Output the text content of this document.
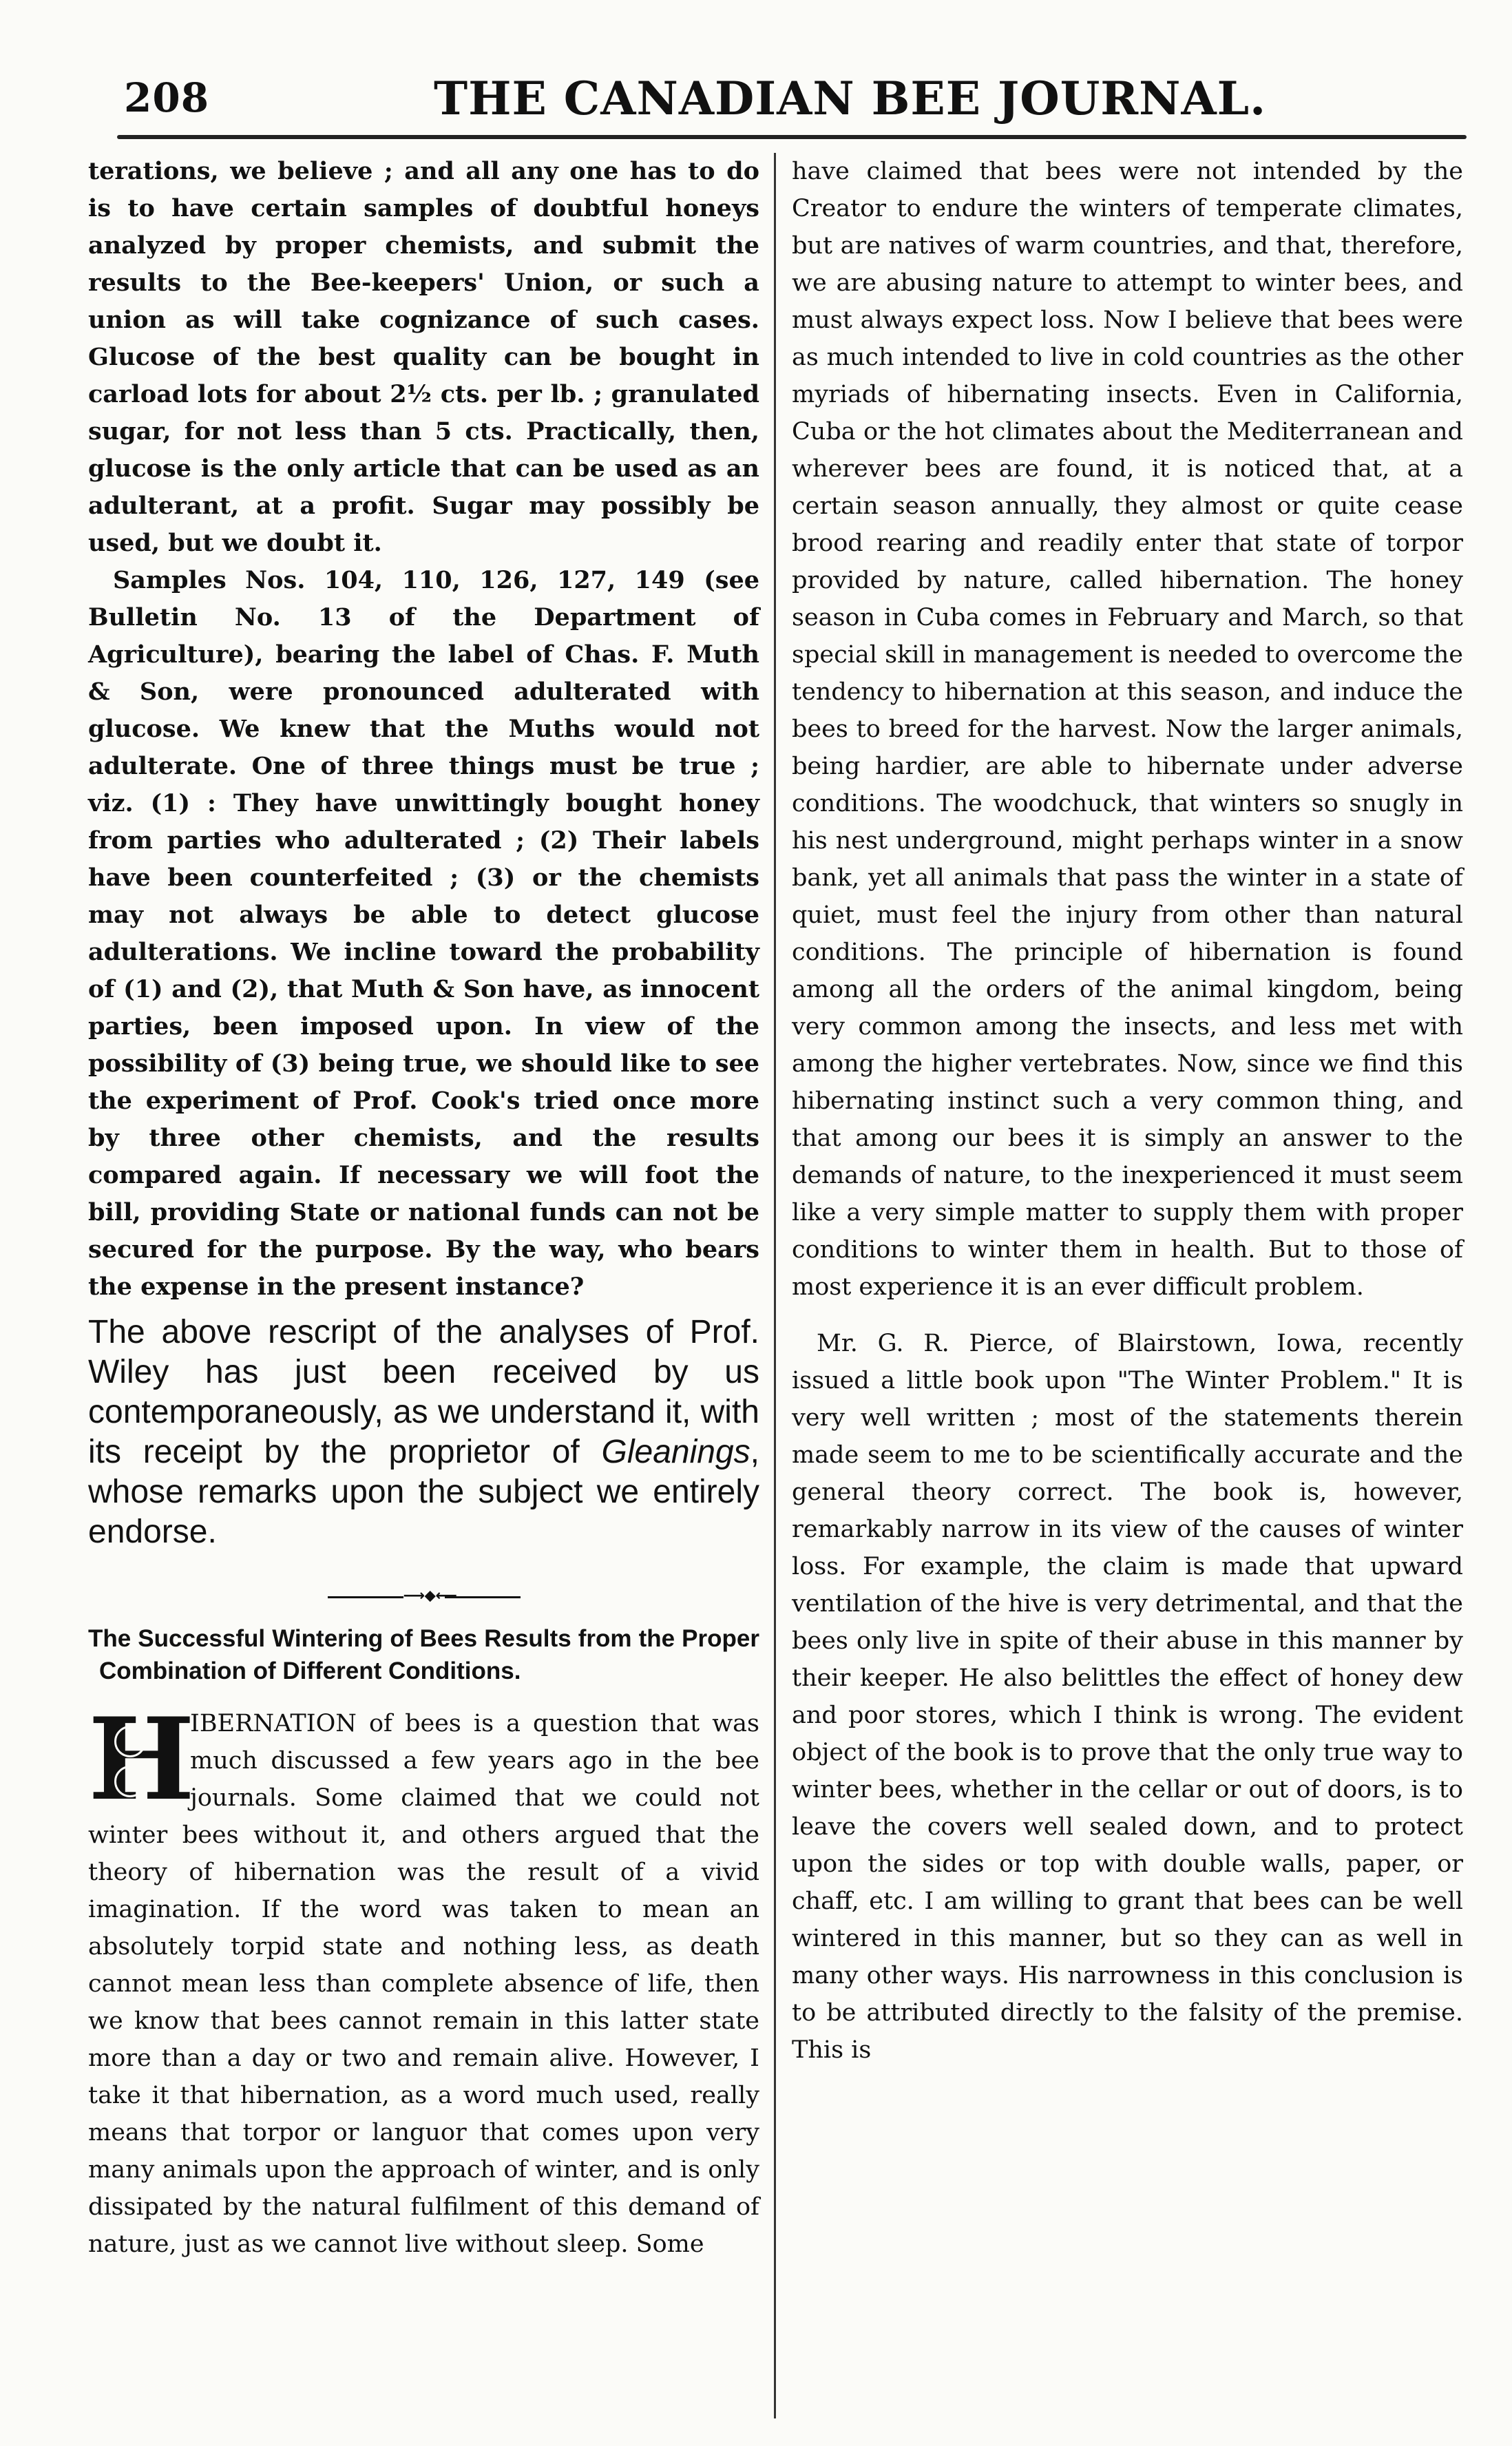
208	THE CANADIAN BEE JOURNAL.

terations, we believe ; and all any one has to do is to have certain samples of doubtful honeys analyzed by proper chemists, and submit the results to the Bee-keepers' Union, or such a union as will take cognizance of such cases. Glucose of the best quality can be bought in carload lots for about 2½ cts. per lb. ; granulated sugar, for not less than 5 cts. Practically, then, glucose is the only article that can be used as an adulterant, at a profit. Sugar may possibly be used, but we doubt it.

Samples Nos. 104, 110, 126, 127, 149 (see Bulletin No. 13 of the Department of Agriculture), bearing the label of Chas. F. Muth & Son, were pronounced adulterated with glucose. We knew that the Muths would not adulterate. One of three things must be true ; viz. (1) : They have unwittingly bought honey from parties who adulterated ; (2) Their labels have been counterfeited ; (3) or the chemists may not always be able to detect glucose adulterations. We incline toward the probability of (1) and (2), that Muth & Son have, as innocent parties, been imposed upon. In view of the possibility of (3) being true, we should like to see the experiment of Prof. Cook's tried once more by three other chemists, and the results compared again. If necessary we will foot the bill, providing State or national funds can not be secured for the purpose. By the way, who bears the expense in the present instance?

The above rescript of the analyses of Prof. Wiley has just been received by us contemporaneously, as we understand it, with its receipt by the proprietor of Gleanings, whose remarks upon the subject we entirely endorse.

⟶⬥⟵

The Successful Wintering of Bees Results from the Proper Combination of Different Conditions.

H

IBERNATION of bees is a question that was much discussed a few years ago in the bee journals. Some claimed that we could not winter bees without it, and others argued that the theory of hibernation was the result of a vivid imagination. If the word was taken to mean an absolutely torpid state and nothing less, as death cannot mean less than complete absence of life, then we know that bees cannot remain in this latter state more than a day or two and remain alive. However, I take it that hibernation, as a word much used, really means that torpor or languor that comes upon very many animals upon the approach of winter, and is only dissipated by the natural fulfilment of this demand of nature, just as we cannot live without sleep. Some

have claimed that bees were not intended by the Creator to endure the winters of temperate climates, but are natives of warm countries, and that, therefore, we are abusing nature to attempt to winter bees, and must always expect loss. Now I believe that bees were as much intended to live in cold countries as the other myriads of hibernating insects. Even in California, Cuba or the hot climates about the Mediterranean and wherever bees are found, it is noticed that, at a certain season annually, they almost or quite cease brood rearing and readily enter that state of torpor provided by nature, called hibernation. The honey season in Cuba comes in February and March, so that special skill in management is needed to overcome the tendency to hibernation at this season, and induce the bees to breed for the harvest. Now the larger animals, being hardier, are able to hibernate under adverse conditions. The woodchuck, that winters so snugly in his nest underground, might perhaps winter in a snow bank, yet all animals that pass the winter in a state of quiet, must feel the injury from other than natural conditions. The principle of hibernation is found among all the orders of the animal kingdom, being very common among the insects, and less met with among the higher vertebrates. Now, since we find this hibernating instinct such a very common thing, and that among our bees it is simply an answer to the demands of nature, to the inexperienced it must seem like a very simple matter to supply them with proper conditions to winter them in health. But to those of most experience it is an ever difficult problem.

Mr. G. R. Pierce, of Blairstown, Iowa, recently issued a little book upon "The Winter Problem." It is very well written ; most of the statements therein made seem to me to be scientifically accurate and the general theory correct. The book is, however, remarkably narrow in its view of the causes of winter loss. For example, the claim is made that upward ventilation of the hive is very detrimental, and that the bees only live in spite of their abuse in this manner by their keeper. He also belittles the effect of honey dew and poor stores, which I think is wrong. The evident object of the book is to prove that the only true way to winter bees, whether in the cellar or out of doors, is to leave the covers well sealed down, and to protect upon the sides or top with double walls, paper, or chaff, etc. I am willing to grant that bees can be well wintered in this manner, but so they can as well in many other ways. His narrowness in this conclusion is to be attributed directly to the falsity of the premise. This is
